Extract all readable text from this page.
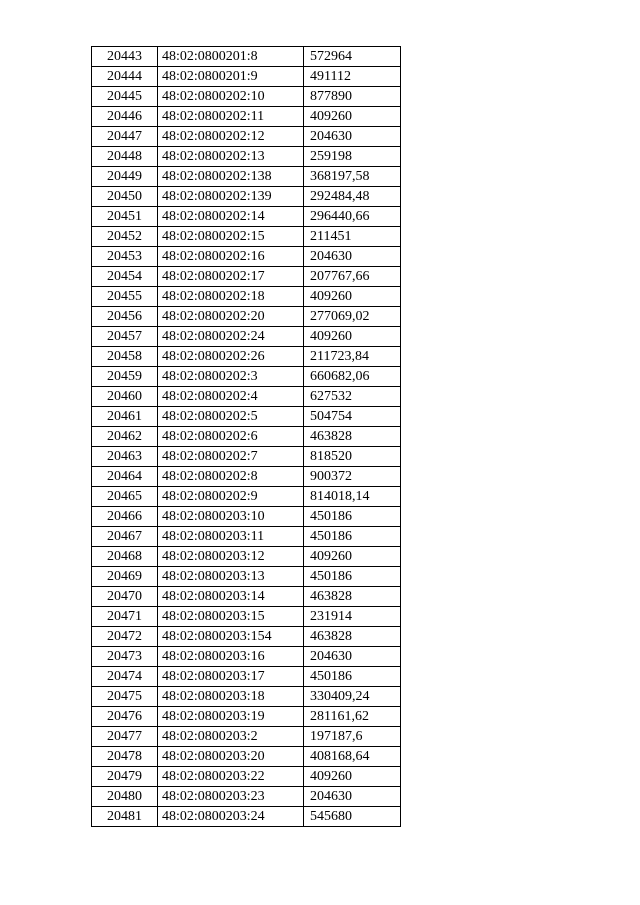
20443	48:02:0800201:8	572964
20444	48:02:0800201:9	491112
20445	48:02:0800202:10	877890
20446	48:02:0800202:11	409260
20447	48:02:0800202:12	204630
20448	48:02:0800202:13	259198
20449	48:02:0800202:138	368197,58
20450	48:02:0800202:139	292484,48
20451	48:02:0800202:14	296440,66
20452	48:02:0800202:15	211451
20453	48:02:0800202:16	204630
20454	48:02:0800202:17	207767,66
20455	48:02:0800202:18	409260
20456	48:02:0800202:20	277069,02
20457	48:02:0800202:24	409260
20458	48:02:0800202:26	211723,84
20459	48:02:0800202:3	660682,06
20460	48:02:0800202:4	627532
20461	48:02:0800202:5	504754
20462	48:02:0800202:6	463828
20463	48:02:0800202:7	818520
20464	48:02:0800202:8	900372
20465	48:02:0800202:9	814018,14
20466	48:02:0800203:10	450186
20467	48:02:0800203:11	450186
20468	48:02:0800203:12	409260
20469	48:02:0800203:13	450186
20470	48:02:0800203:14	463828
20471	48:02:0800203:15	231914
20472	48:02:0800203:154	463828
20473	48:02:0800203:16	204630
20474	48:02:0800203:17	450186
20475	48:02:0800203:18	330409,24
20476	48:02:0800203:19	281161,62
20477	48:02:0800203:2	197187,6
20478	48:02:0800203:20	408168,64
20479	48:02:0800203:22	409260
20480	48:02:0800203:23	204630
20481	48:02:0800203:24	545680
